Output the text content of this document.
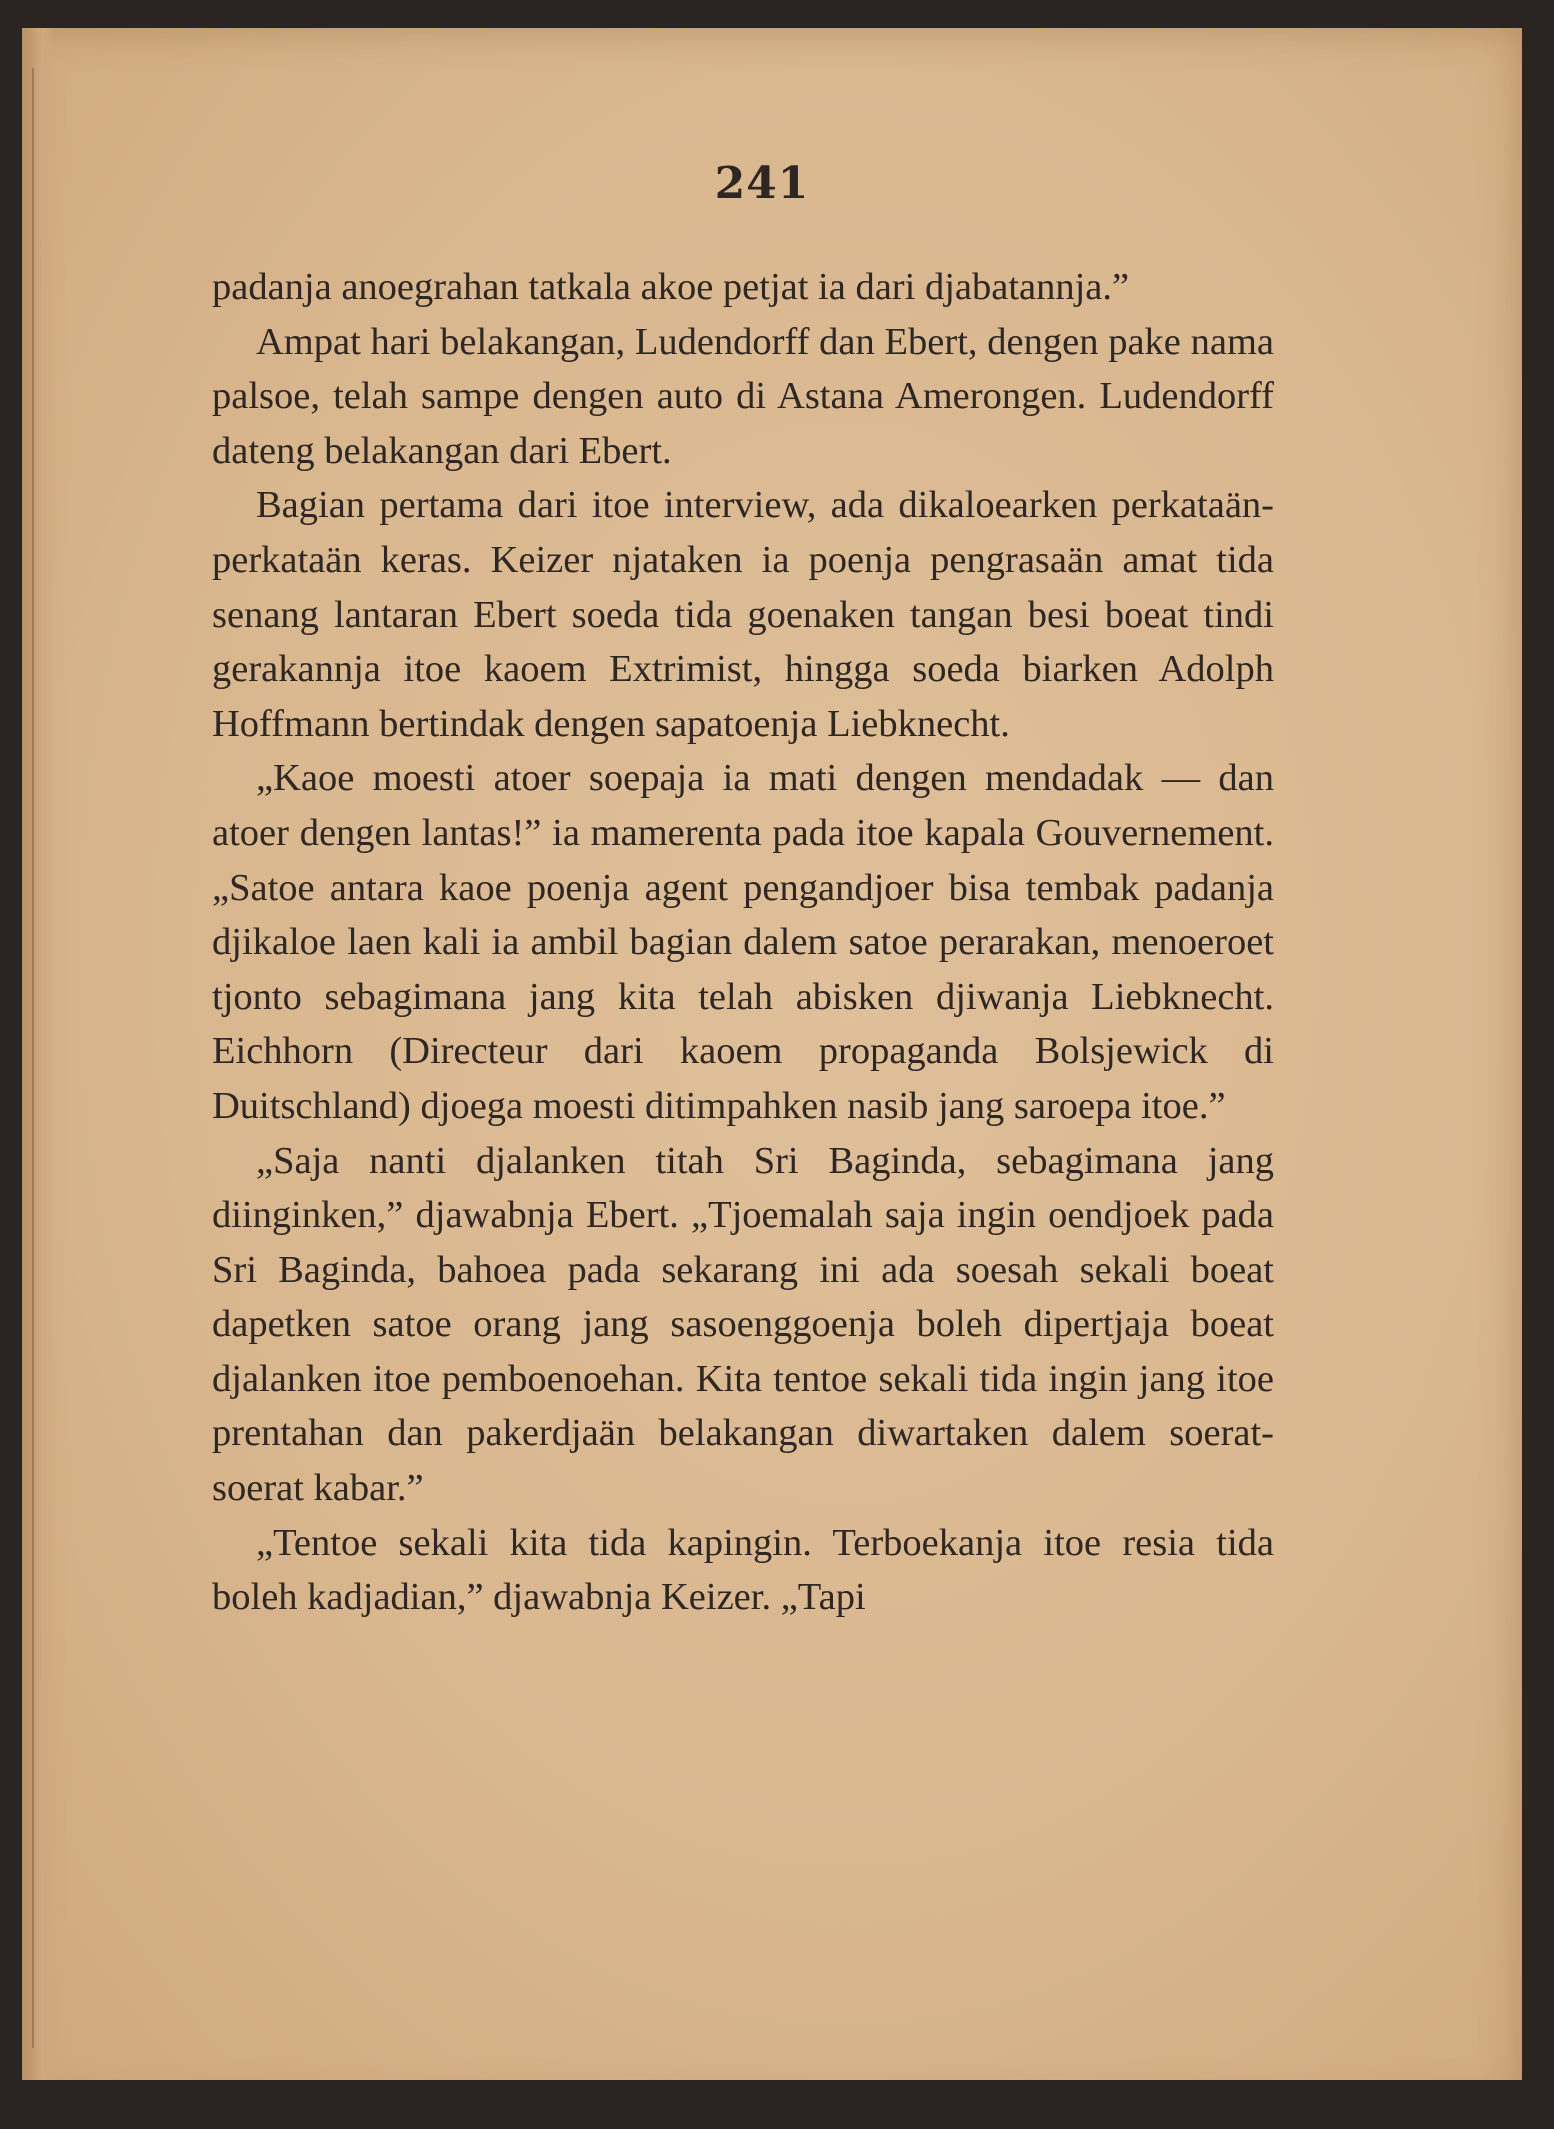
241

padanja anoegrahan tatkala akoe petjat ia dari djabatannja.”

Ampat hari belakangan, Ludendorff dan Ebert, dengen pake nama palsoe, telah sampe dengen auto di Astana Amerongen. Ludendorff dateng belakangan dari Ebert.

Bagian pertama dari itoe interview, ada dikaloearken perkataän-perkataän keras. Keizer njataken ia poenja pengrasaän amat tida senang lantaran Ebert soeda tida goenaken tangan besi boeat tindi gerakannja itoe kaoem Extrimist, hingga soeda biarken Adolph Hoffmann bertindak dengen sapatoenja Liebknecht.

„Kaoe moesti atoer soepaja ia mati dengen mendadak — dan atoer dengen lantas!” ia mamerenta pada itoe kapala Gouvernement. „Satoe antara kaoe poenja agent pengandjoer bisa tembak padanja djikaloe laen kali ia ambil bagian dalem satoe perarakan, menoeroet tjonto sebagimana jang kita telah abisken djiwanja Liebknecht. Eichhorn (Directeur dari kaoem propaganda Bolsjewick di Duitschland) djoega moesti ditimpahken nasib jang saroepa itoe.”

„Saja nanti djalanken titah Sri Baginda, sebagimana jang diinginken,” djawabnja Ebert. „Tjoemalah saja ingin oendjoek pada Sri Baginda, bahoea pada sekarang ini ada soesah sekali boeat dapetken satoe orang jang sasoenggoenja boleh dipertjaja boeat djalanken itoe pemboenoehan. Kita tentoe sekali tida ingin jang itoe prentahan dan pakerdjaän belakangan diwartaken dalem soerat-soerat kabar.”

„Tentoe sekali kita tida kapingin. Terboekanja itoe resia tida boleh kadjadian,” djawabnja Keizer. „Tapi
